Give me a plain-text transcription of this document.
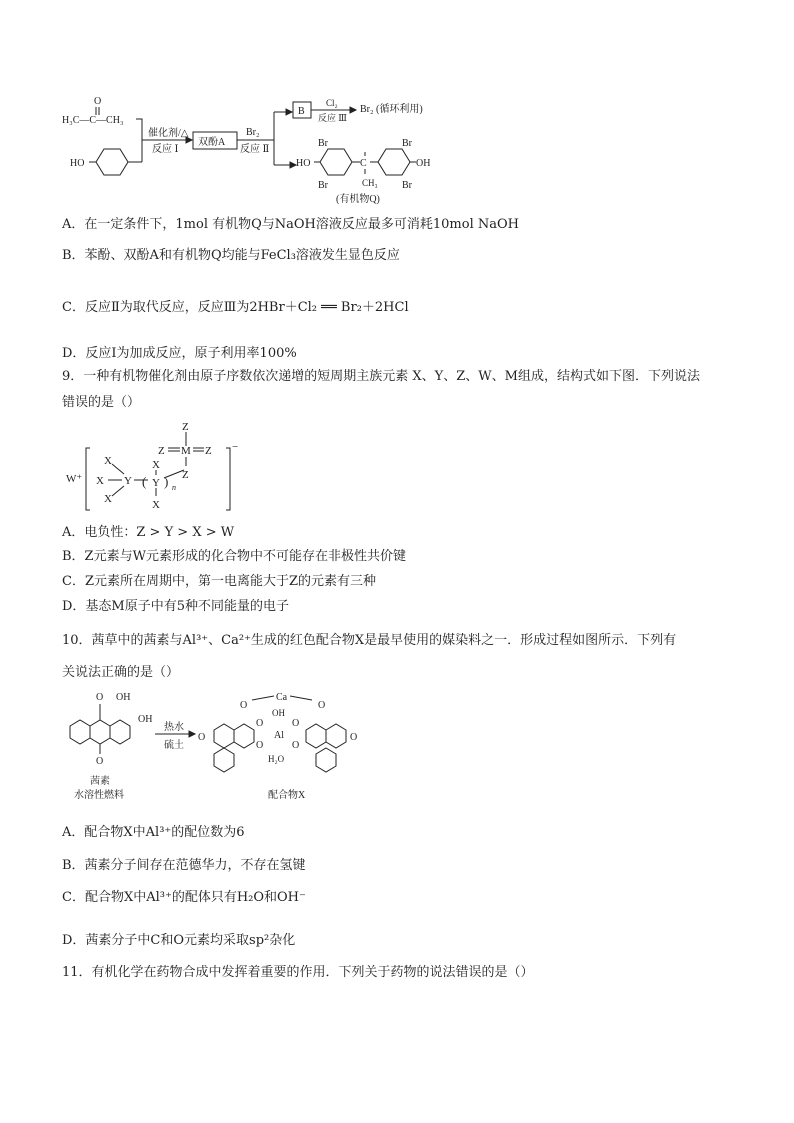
O
H₃C—C—CH₃
HO
催化剂/△
反应 Ⅰ
双酚A
Br₂
反应 Ⅱ
B
Cl₂
反应 Ⅲ
Br₂ (循环利用)
HO
Br
Br
C
CH₃
Br
Br
OH
(有机物Q)
A．在一定条件下，1mol 有机物Q与NaOH溶液反应最多可消耗10mol NaOH
B．苯酚、双酚A和有机物Q均能与FeCl₃溶液发生显色反应
C．反应Ⅱ为取代反应，反应Ⅲ为2HBr＋Cl₂ ══ Br₂＋2HCl
D．反应Ⅰ为加成反应，原子利用率100%
9．一种有机物催化剂由原子序数依次递增的短周期主族元素 X、Y、Z、W、M组成，结构式如下图．下列说法
错误的是（）
W⁺
−
X
X
X
Y (
X
Y
X
) n
Z
Z M Z
Z
A．电负性：Z > Y > X > W
B．Z元素与W元素形成的化合物中不可能存在非极性共价键
C．Z元素所在周期中，第一电离能大于Z的元素有三种
D．基态M原子中有5种不同能量的电子
10．茜草中的茜素与Al³⁺、Ca²⁺生成的红色配合物X是最早使用的媒染料之一．形成过程如图所示．下列有
关说法正确的是（）
O OH
OH
O
茜素
水溶性燃料
热水
硫土
Ca
O	O
O
O
O
OH
Al
H₂O
O
O
O
配合物X
A．配合物X中Al³⁺的配位数为6
B．茜素分子间存在范德华力，不存在氢键
C．配合物X中Al³⁺的配体只有H₂O和OH⁻
D．茜素分子中C和O元素均采取sp²杂化
11．有机化学在药物合成中发挥着重要的作用．下列关于药物的说法错误的是（）
